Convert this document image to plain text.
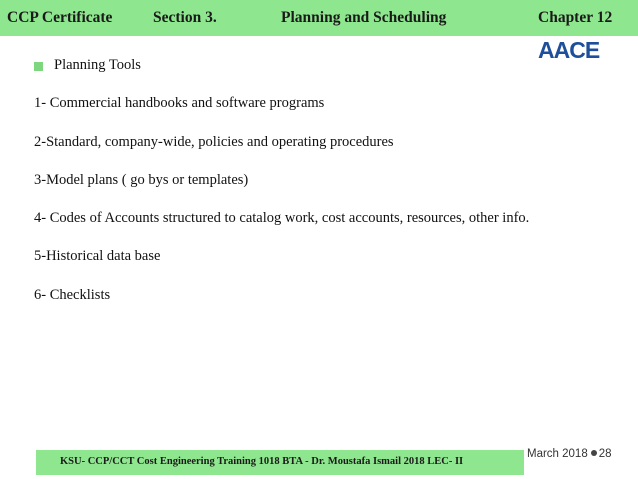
CCP Certificate	Section 3.	Planning and Scheduling	Chapter 12
AACE
Planning Tools
1- Commercial handbooks and software programs
2-Standard, company-wide, policies and operating procedures
3-Model plans ( go bys or templates)
4- Codes of Accounts structured to catalog work, cost accounts, resources, other info.
5-Historical data base
6- Checklists
KSU- CCP/CCT Cost Engineering Training 1018 BTA - Dr. Moustafa Ismail 2018 LEC- II
March 2018 28
